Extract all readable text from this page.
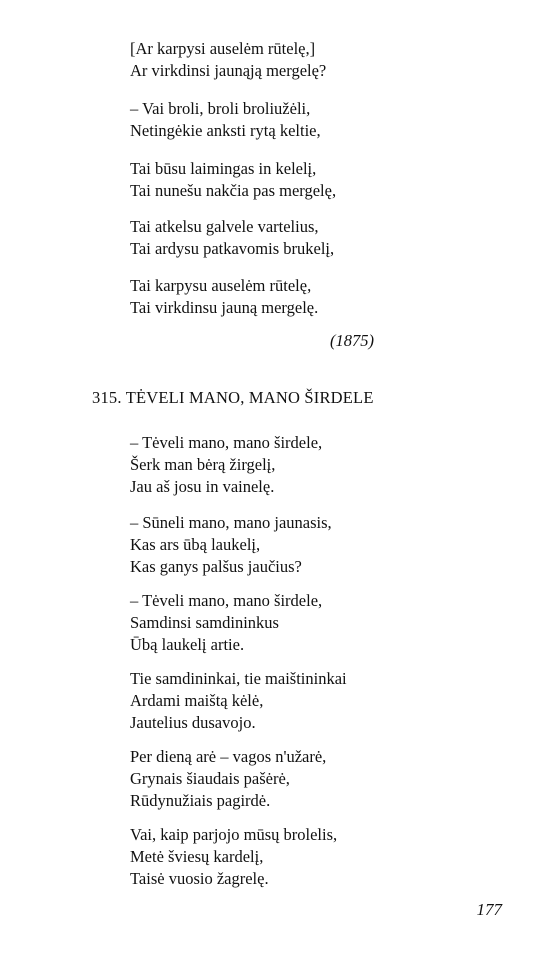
[Ar karpysi auselėm rūtelę,]
Ar virkdinsi jaunąją mergelę?
– Vai broli, broli broliužėli,
Netingėkie anksti rytą keltie,
Tai būsu laimingas in kelelį,
Tai nunešu nakčia pas mergelę,
Tai atkelsu galvele vartelius,
Tai ardysu patkavomis brukelį,
Tai karpysu auselėm rūtelę,
Tai virkdinsu jauną mergelę.
(1875)
315. TĖVELI MANO, MANO ŠIRDELE
– Tėveli mano, mano širdele,
Šerk man bėrą žirgelį,
Jau aš josu in vainelę.
– Sūneli mano, mano jaunasis,
Kas ars ūbą laukelį,
Kas ganys palšus jaučius?
– Tėveli mano, mano širdele,
Samdinsi samdininkus
Ūbą laukelį artie.
Tie samdininkai, tie maištininkai
Ardami maištą kėlė,
Jautelius dusavojo.
Per dieną arė – vagos n'užarė,
Grynais šiaudais pašėrė,
Rūdynužiais pagirdė.
Vai, kaip parjojo mūsų brolelis,
Metė šviesų kardelį,
Taisė vuosio žagrelę.
177
